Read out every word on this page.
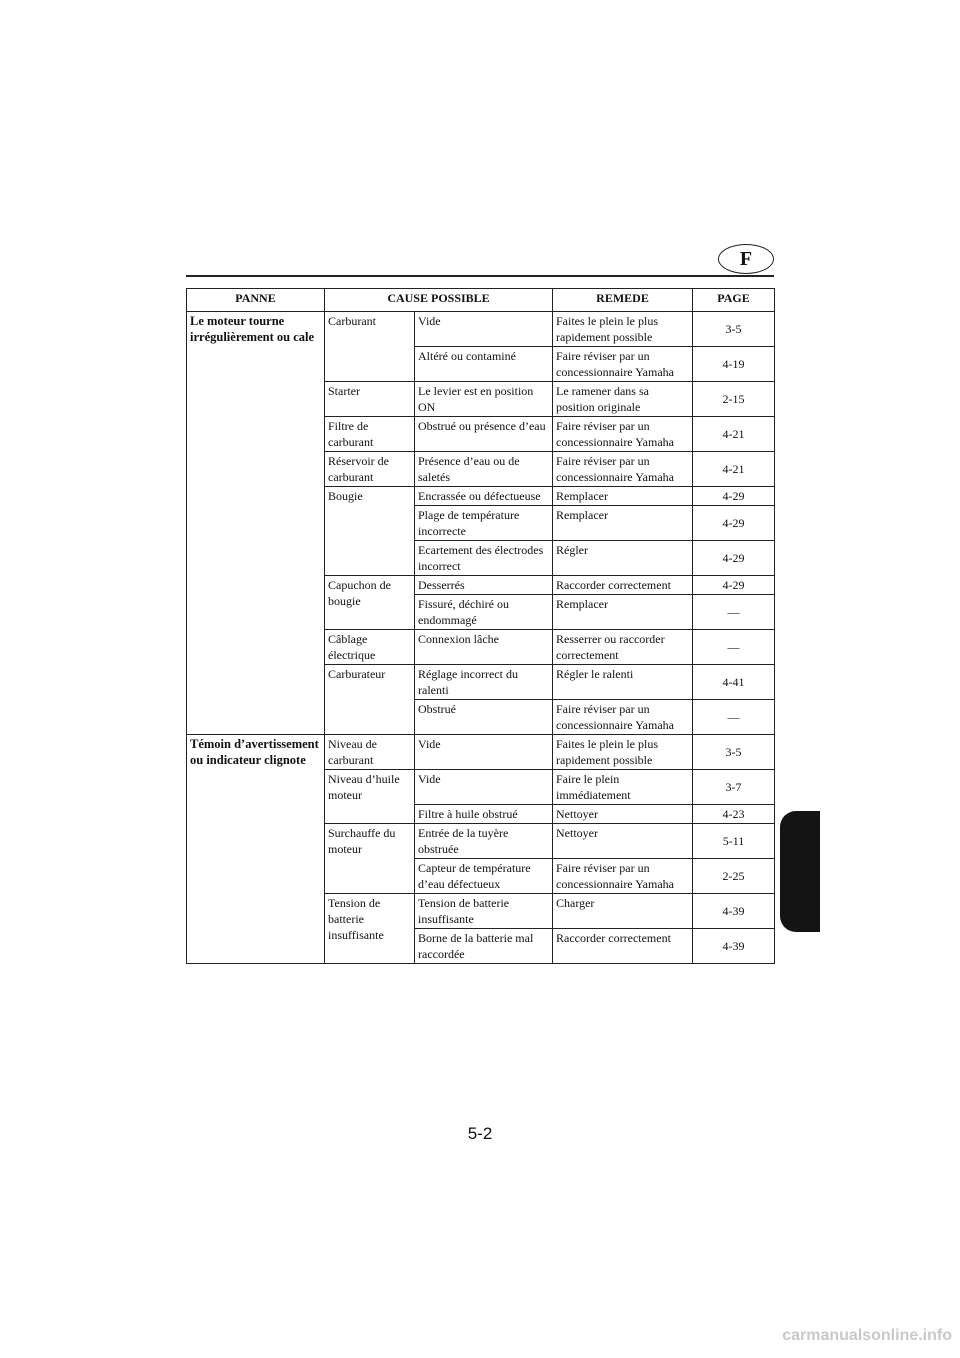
F
PANNE	CAUSE POSSIBLE		REMEDE	PAGE
Le moteur tourne irrégulièrement ou cale	Carburant	Vide	Faites le plein le plus rapidement possible	3-5
		Altéré ou contaminé	Faire réviser par un concessionnaire Yamaha	4-19
	Starter	Le levier est en position ON	Le ramener dans sa position originale	2-15
	Filtre de carburant	Obstrué ou présence d’eau	Faire réviser par un concessionnaire Yamaha	4-21
	Réservoir de carburant	Présence d’eau ou de saletés	Faire réviser par un concessionnaire Yamaha	4-21
	Bougie	Encrassée ou défectueuse	Remplacer	4-29
		Plage de température incorrecte	Remplacer	4-29
		Ecartement des électrodes incorrect	Régler	4-29
	Capuchon de bougie	Desserrés	Raccorder correctement	4-29
		Fissuré, déchiré ou endommagé	Remplacer	—
	Câblage électrique	Connexion lâche	Resserrer ou raccorder correctement	—
	Carburateur	Réglage incorrect du ralenti	Régler le ralenti	4-41
		Obstrué	Faire réviser par un concessionnaire Yamaha	—
Témoin d’avertissement ou indicateur clignote	Niveau de carburant	Vide	Faites le plein le plus rapidement possible	3-5
	Niveau d’huile moteur	Vide	Faire le plein immédiatement	3-7
		Filtre à huile obstrué	Nettoyer	4-23
	Surchauffe du moteur	Entrée de la tuyère obstruée	Nettoyer	5-11
		Capteur de température d’eau défectueux	Faire réviser par un concessionnaire Yamaha	2-25
	Tension de batterie insuffisante	Tension de batterie insuffisante	Charger	4-39
		Borne de la batterie mal raccordée	Raccorder correctement	4-39
5-2
carmanualsonline.info
